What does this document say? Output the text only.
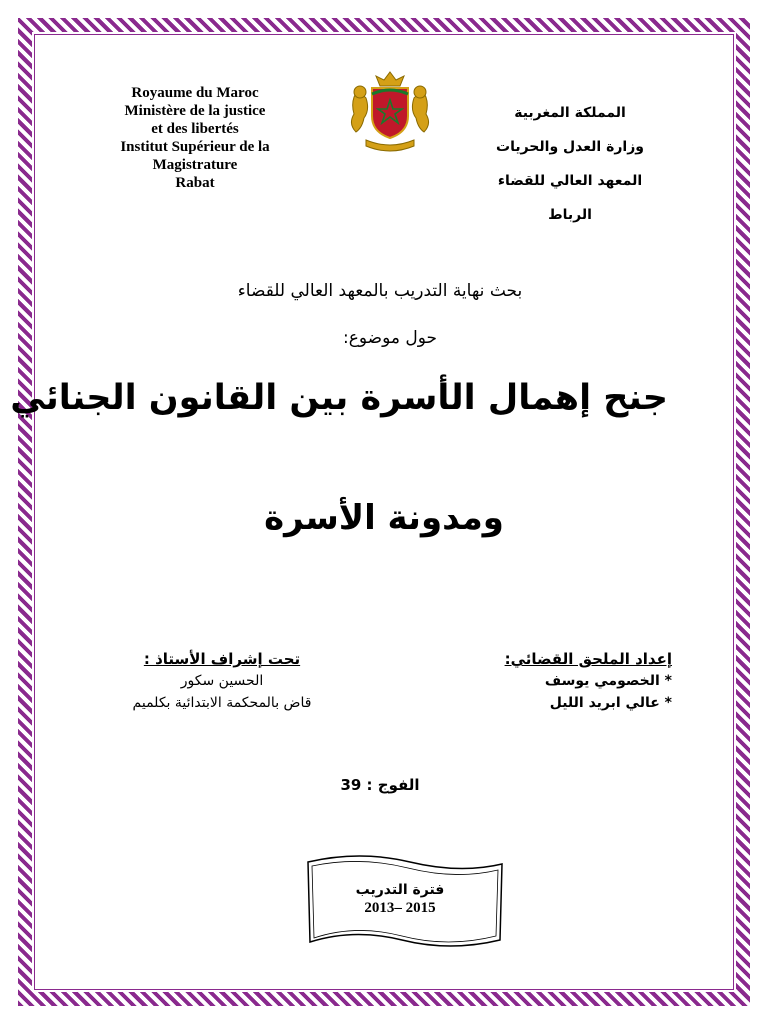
Royaume du Maroc
Ministère de la justice
et des libertés
Institut Supérieur de la
Magistrature
Rabat
المملكة المغربية
وزارة العدل والحريات
المعهد العالي للقضاء
الرباط
بحث نهاية التدريب بالمعهد العالي للقضاء
حول موضوع:
جنح إهمال الأسرة بين القانون الجنائي
ومدونة الأسرة
إعداد الملحق القضائي:
* الخصومي يوسف
* عالي ابريد الليل
تحت إشراف الأستاذ :
الحسين سكور
قاض بالمحكمة الابتدائية بكلميم
الفوج : 39
فترة التدريب
2015 –2013
